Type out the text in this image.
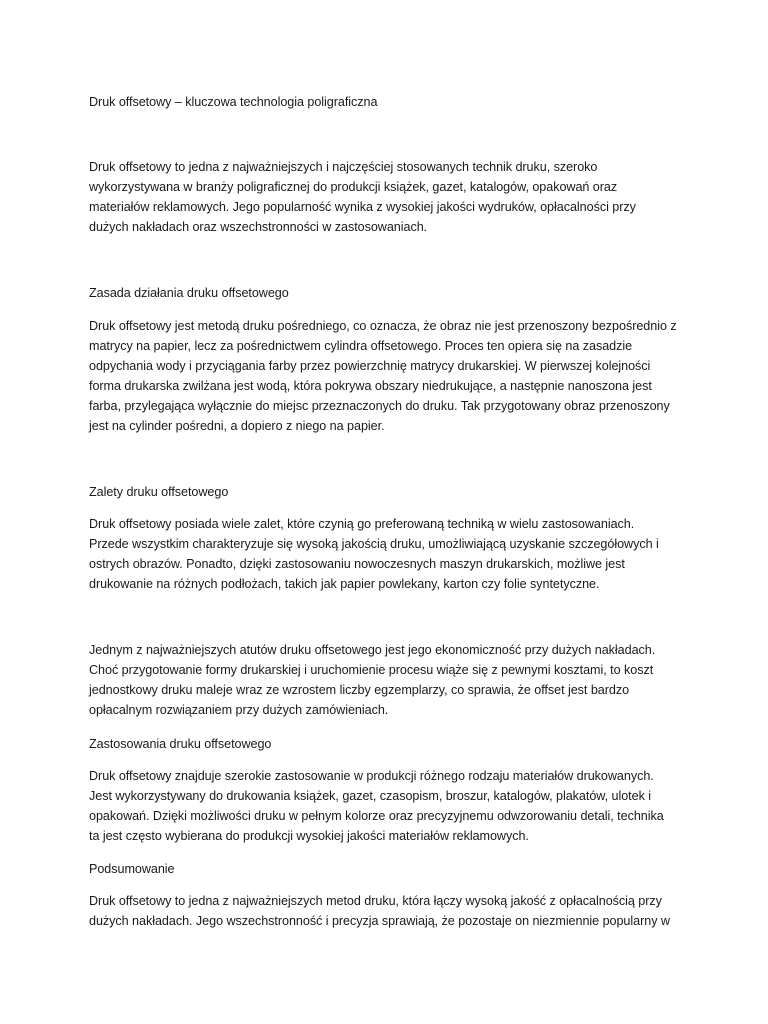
Druk offsetowy – kluczowa technologia poligraficzna

Druk offsetowy to jedna z najważniejszych i najczęściej stosowanych technik druku, szeroko
wykorzystywana w branży poligraficznej do produkcji książek, gazet, katalogów, opakowań oraz
materiałów reklamowych. Jego popularność wynika z wysokiej jakości wydruków, opłacalności przy
dużych nakładach oraz wszechstronności w zastosowaniach.

Zasada działania druku offsetowego

Druk offsetowy jest metodą druku pośredniego, co oznacza, że obraz nie jest przenoszony bezpośrednio z
matrycy na papier, lecz za pośrednictwem cylindra offsetowego. Proces ten opiera się na zasadzie
odpychania wody i przyciągania farby przez powierzchnię matrycy drukarskiej. W pierwszej kolejności
forma drukarska zwilżana jest wodą, która pokrywa obszary niedrukujące, a następnie nanoszona jest
farba, przylegająca wyłącznie do miejsc przeznaczonych do druku. Tak przygotowany obraz przenoszony
jest na cylinder pośredni, a dopiero z niego na papier.

Zalety druku offsetowego

Druk offsetowy posiada wiele zalet, które czynią go preferowaną techniką w wielu zastosowaniach.
Przede wszystkim charakteryzuje się wysoką jakością druku, umożliwiającą uzyskanie szczegółowych i
ostrych obrazów. Ponadto, dzięki zastosowaniu nowoczesnych maszyn drukarskich, możliwe jest
drukowanie na różnych podłożach, takich jak papier powlekany, karton czy folie syntetyczne.

Jednym z najważniejszych atutów druku offsetowego jest jego ekonomiczność przy dużych nakładach.
Choć przygotowanie formy drukarskiej i uruchomienie procesu wiąże się z pewnymi kosztami, to koszt
jednostkowy druku maleje wraz ze wzrostem liczby egzemplarzy, co sprawia, że offset jest bardzo
opłacalnym rozwiązaniem przy dużych zamówieniach.

Zastosowania druku offsetowego

Druk offsetowy znajduje szerokie zastosowanie w produkcji różnego rodzaju materiałów drukowanych.
Jest wykorzystywany do drukowania książek, gazet, czasopism, broszur, katalogów, plakatów, ulotek i
opakowań. Dzięki możliwości druku w pełnym kolorze oraz precyzyjnemu odwzorowaniu detali, technika
ta jest często wybierana do produkcji wysokiej jakości materiałów reklamowych.

Podsumowanie

Druk offsetowy to jedna z najważniejszych metod druku, która łączy wysoką jakość z opłacalnością przy
dużych nakładach. Jego wszechstronność i precyzja sprawiają, że pozostaje on niezmiennie popularny w
